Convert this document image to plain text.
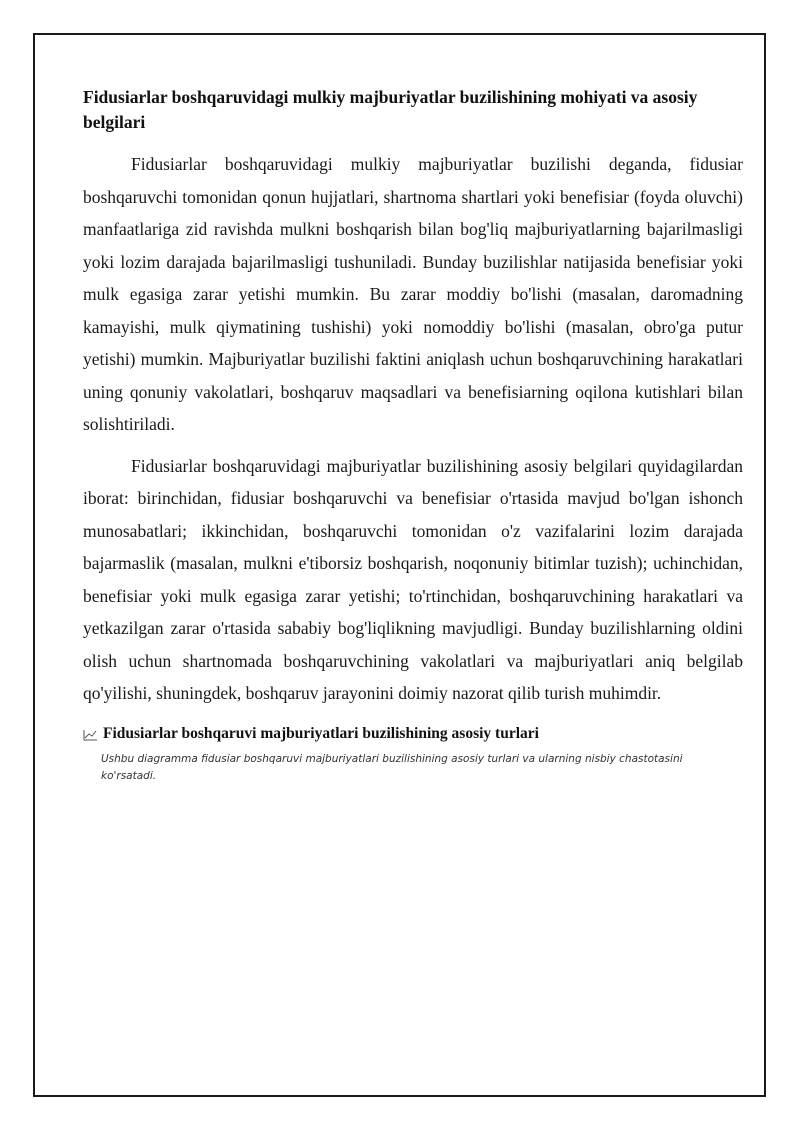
Fidusiarlar boshqaruvidagi mulkiy majburiyatlar buzilishining mohiyati va asosiy belgilari

Fidusiarlar boshqaruvidagi mulkiy majburiyatlar buzilishi deganda, fidusiar boshqaruvchi tomonidan qonun hujjatlari, shartnoma shartlari yoki benefisiar (foyda oluvchi) manfaatlariga zid ravishda mulkni boshqarish bilan bog'liq majburiyatlarning bajarilmasligi yoki lozim darajada bajarilmasligi tushuniladi. Bunday buzilishlar natijasida benefisiar yoki mulk egasiga zarar yetishi mumkin. Bu zarar moddiy bo'lishi (masalan, daromadning kamayishi, mulk qiymatining tushishi) yoki nomoddiy bo'lishi (masalan, obro'ga putur yetishi) mumkin. Majburiyatlar buzilishi faktini aniqlash uchun boshqaruvchining harakatlari uning qonuniy vakolatlari, boshqaruv maqsadlari va benefisiarning oqilona kutishlari bilan solishtiriladi.

Fidusiarlar boshqaruvidagi majburiyatlar buzilishining asosiy belgilari quyidagilardan iborat: birinchidan, fidusiar boshqaruvchi va benefisiar o'rtasida mavjud bo'lgan ishonch munosabatlari; ikkinchidan, boshqaruvchi tomonidan o'z vazifalarini lozim darajada bajarmaslik (masalan, mulkni e'tiborsiz boshqarish, noqonuniy bitimlar tuzish); uchinchidan, benefisiar yoki mulk egasiga zarar yetishi; to'rtinchidan, boshqaruvchining harakatlari va yetkazilgan zarar o'rtasida sababiy bog'liqlikning mavjudligi. Bunday buzilishlarning oldini olish uchun shartnomada boshqaruvchining vakolatlari va majburiyatlari aniq belgilab qo'yilishi, shuningdek, boshqaruv jarayonini doimiy nazorat qilib turish muhimdir.

Fidusiarlar boshqaruvi majburiyatlari buzilishining asosiy turlari
Ushbu diagramma fidusiar boshqaruvi majburiyatlari buzilishining asosiy turlari va ularning nisbiy chastotasini ko'rsatadi.
